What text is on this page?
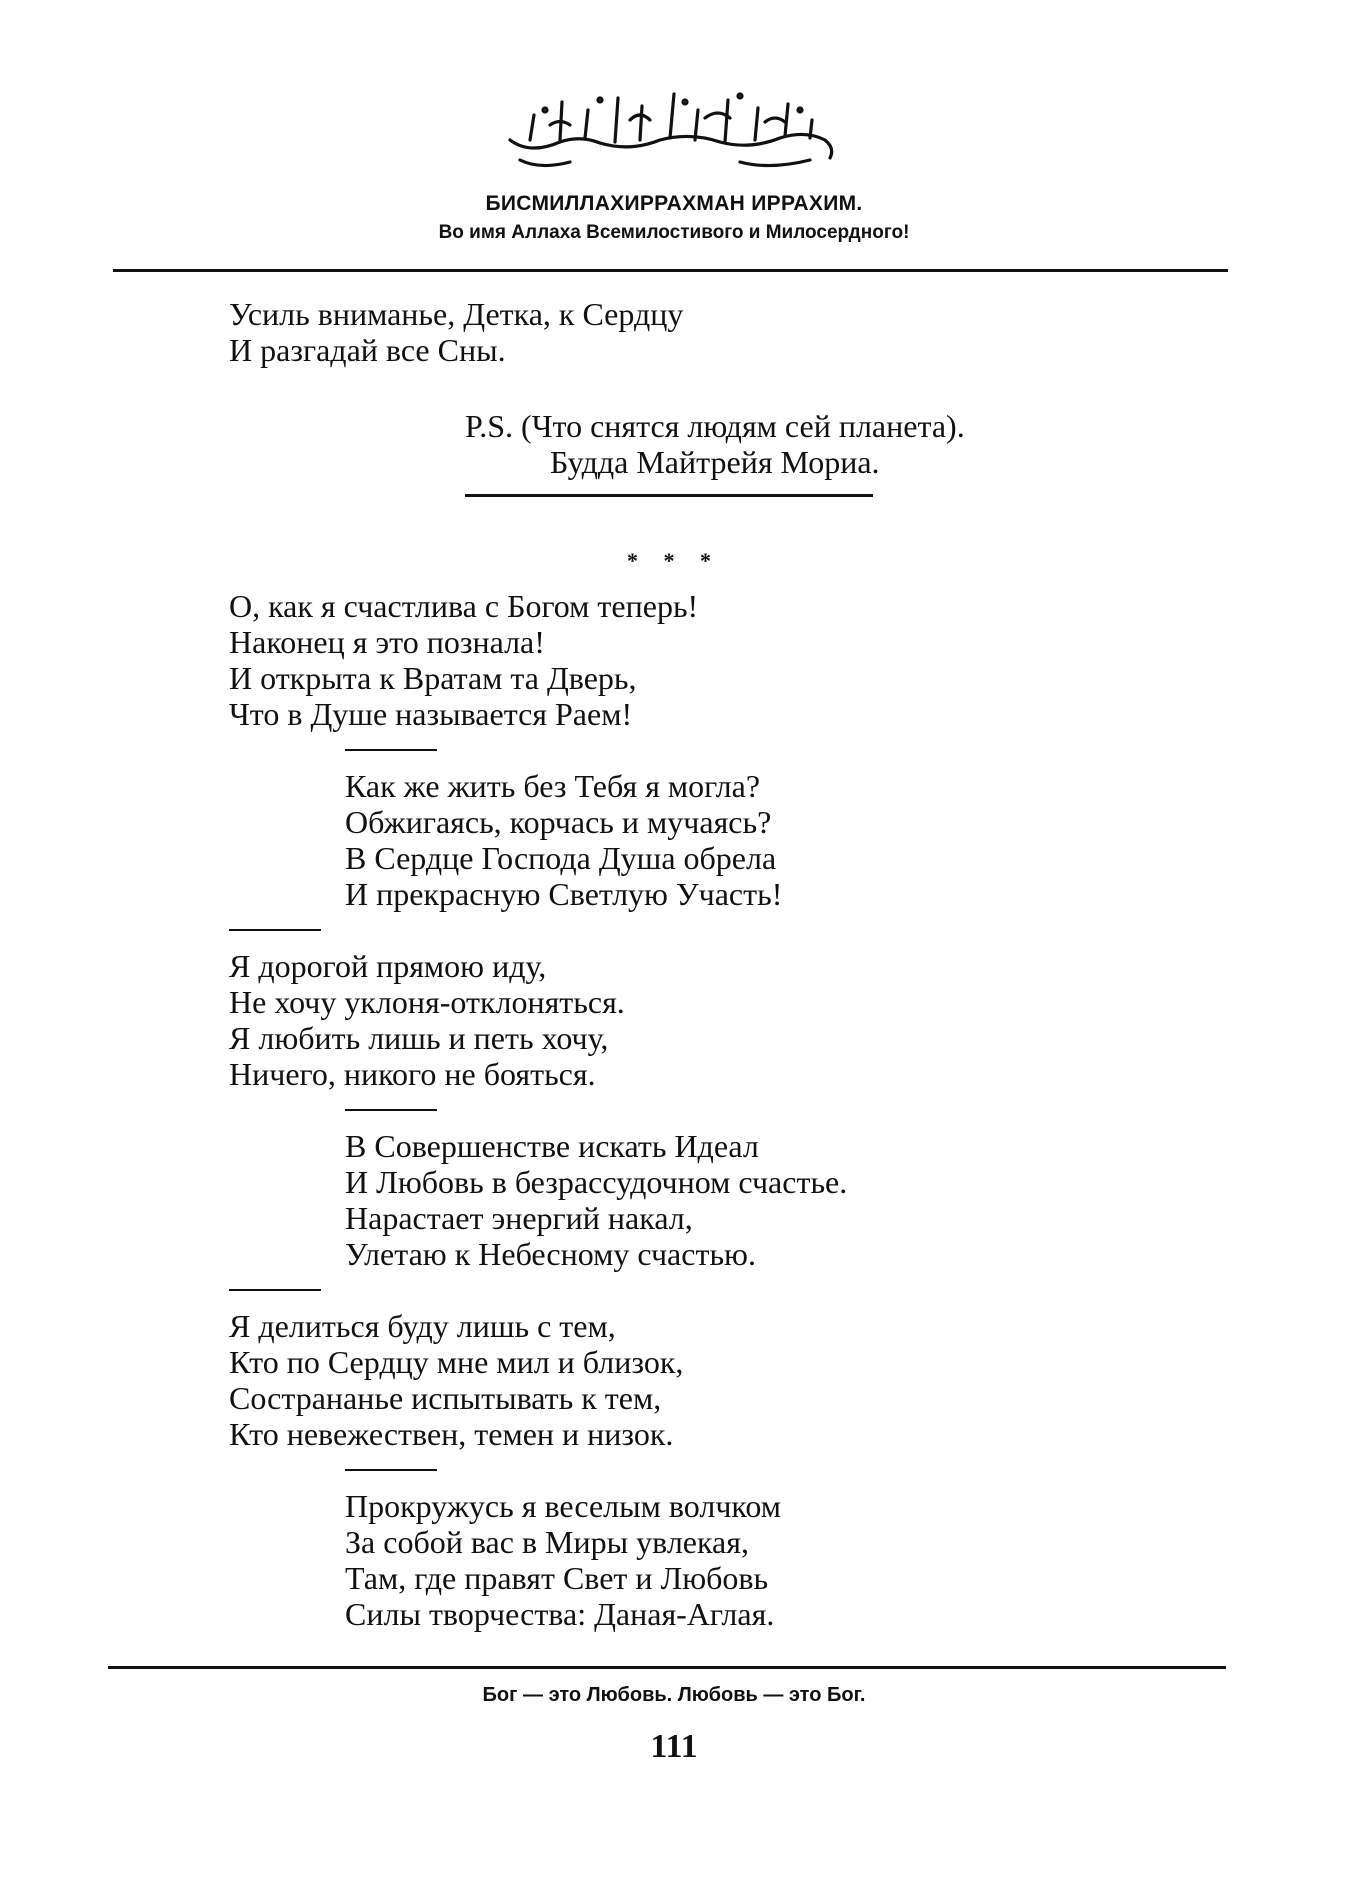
БИСМИЛЛАХИРРАХМАН ИРРАХИМ.
Во имя Аллаха Всемилостивого и Милосердного!
Усиль вниманье, Детка, к Сердцу
И разгадай все Сны.
P.S. (Что снятся людям сей планета).
Будда Майтрейя Мориа.
* * *
О, как я счастлива с Богом теперь!
Наконец я это познала!
И открыта к Вратам та Дверь,
Что в Душе называется Раем!
Как же жить без Тебя я могла?
Обжигаясь, корчась и мучаясь?
В Сердце Господа Душа обрела
И прекрасную Светлую Участь!
Я дорогой прямою иду,
Не хочу уклоня-отклоняться.
Я любить лишь и петь хочу,
Ничего, никого не бояться.
В Совершенстве искать Идеал
И Любовь в безрассудочном счастье.
Нарастает энергий накал,
Улетаю к Небесному счастью.
Я делиться буду лишь с тем,
Кто по Сердцу мне мил и близок,
Сострананье испытывать к тем,
Кто невежествен, темен и низок.
Прокружусь я веселым волчком
За собой вас в Миры увлекая,
Там, где правят Свет и Любовь
Силы творчества: Даная-Аглая.
Бог — это Любовь. Любовь — это Бог.
111
